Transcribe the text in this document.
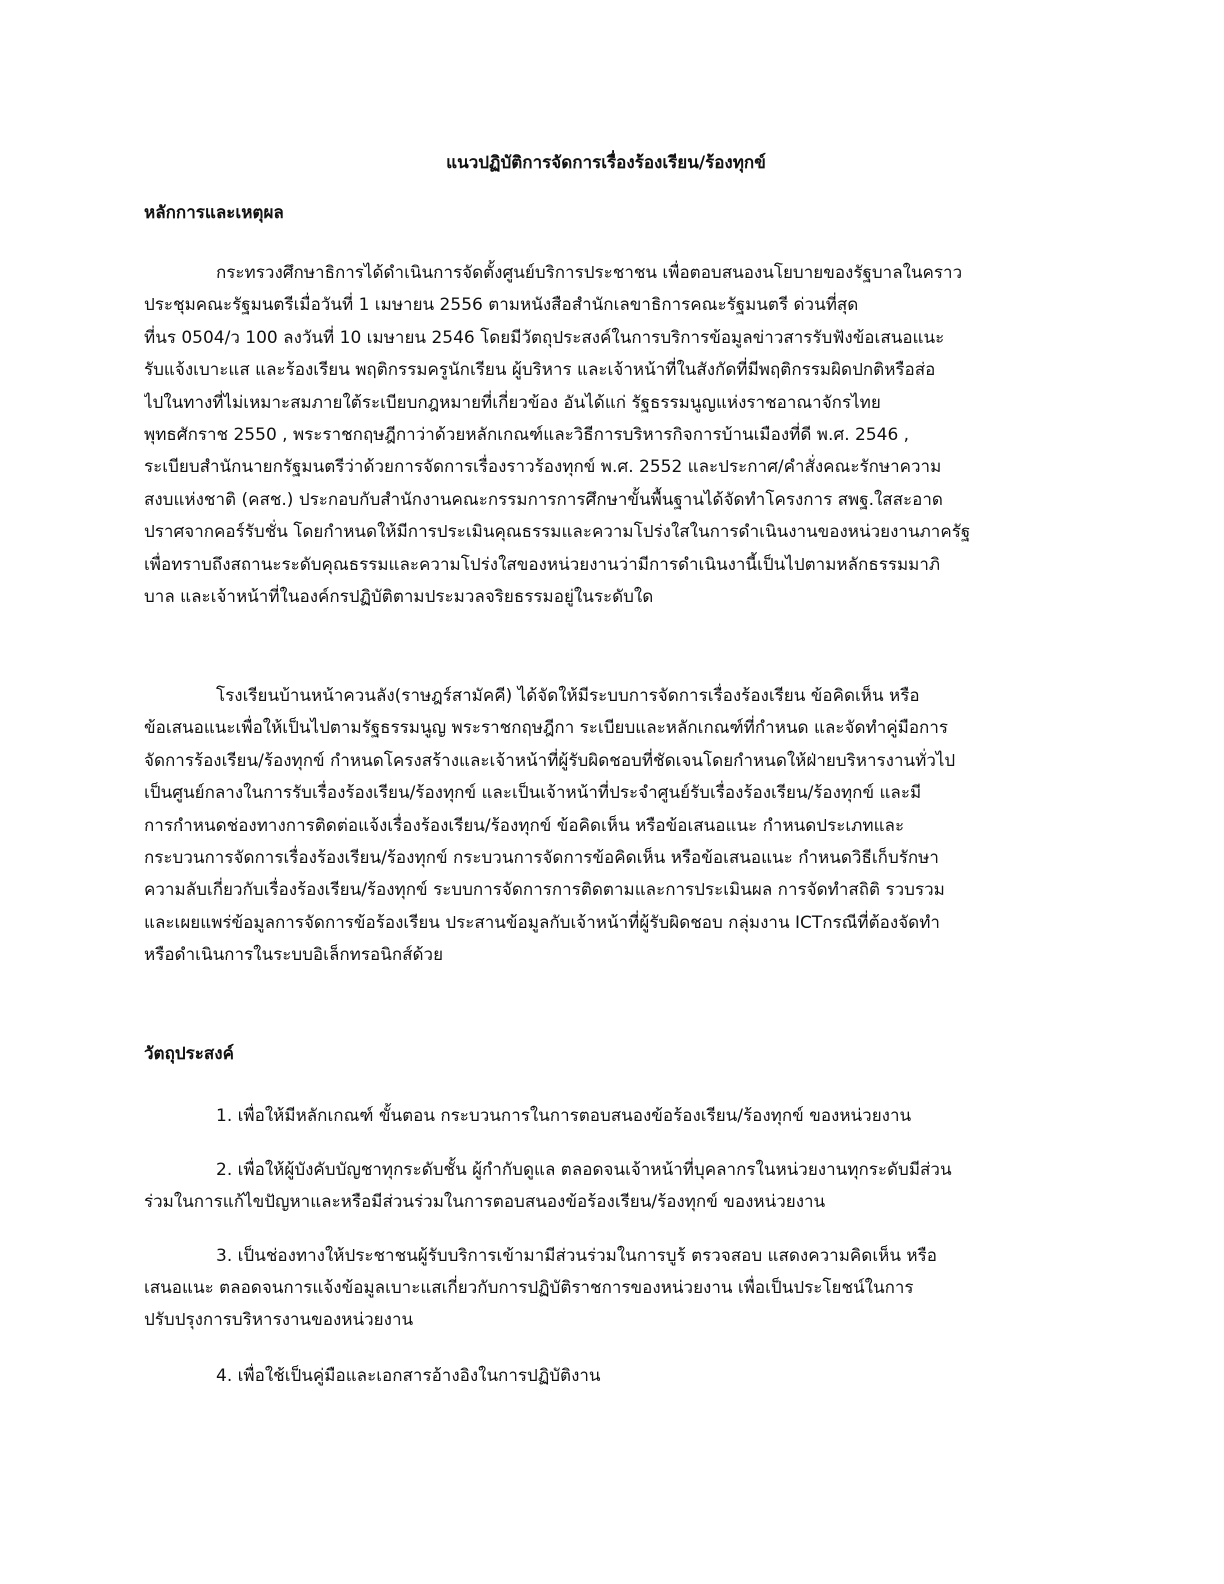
แนวปฏิบัติการจัดการเรื่องร้องเรียน/ร้องทุกข์
หลักการและเหตุผล
กระทรวงศึกษาธิการได้ดำเนินการจัดตั้งศูนย์บริการประชาชน เพื่อตอบสนองนโยบายของรัฐบาลในคราว
ประชุมคณะรัฐมนตรีเมื่อวันที่ 1 เมษายน 2556 ตามหนังสือสำนักเลขาธิการคณะรัฐมนตรี ด่วนที่สุด
ที่นร 0504/ว 100 ลงวันที่ 10 เมษายน 2546 โดยมีวัตถุประสงค์ในการบริการข้อมูลข่าวสารรับฟังข้อเสนอแนะ
รับแจ้งเบาะแส และร้องเรียน พฤติกรรมครูนักเรียน ผู้บริหาร และเจ้าหน้าที่ในสังกัดที่มีพฤติกรรมผิดปกติหรือส่อ
ไปในทางที่ไม่เหมาะสมภายใต้ระเบียบกฎหมายที่เกี่ยวข้อง อันได้แก่ รัฐธรรมนูญแห่งราชอาณาจักรไทย
พุทธศักราช 2550 , พระราชกฤษฎีกาว่าด้วยหลักเกณฑ์และวิธีการบริหารกิจการบ้านเมืองที่ดี พ.ศ. 2546 ,
ระเบียบสำนักนายกรัฐมนตรีว่าด้วยการจัดการเรื่องราวร้องทุกข์ พ.ศ. 2552 และประกาศ/คำสั่งคณะรักษาความ
สงบแห่งชาติ (คสช.) ประกอบกับสำนักงานคณะกรรมการการศึกษาขั้นพื้นฐานได้จัดทำโครงการ สพฐ.ใสสะอาด
ปราศจากคอร์รับชั่น โดยกำหนดให้มีการประเมินคุณธรรมและความโปร่งใสในการดำเนินงานของหน่วยงานภาครัฐ
เพื่อทราบถึงสถานะระดับคุณธรรมและความโปร่งใสของหน่วยงานว่ามีการดำเนินงานี้เป็นไปตามหลักธรรมมาภิ
บาล และเจ้าหน้าที่ในองค์กรปฏิบัติตามประมวลจริยธรรมอยู่ในระดับใด
โรงเรียนบ้านหน้าควนลัง(ราษฎร์สามัคคี) ได้จัดให้มีระบบการจัดการเรื่องร้องเรียน ข้อคิดเห็น หรือ
ข้อเสนอแนะเพื่อให้เป็นไปตามรัฐธรรมนูญ พระราชกฤษฎีกา ระเบียบและหลักเกณฑ์ที่กำหนด และจัดทำคู่มือการ
จัดการร้องเรียน/ร้องทุกข์ กำหนดโครงสร้างและเจ้าหน้าที่ผู้รับผิดชอบที่ชัดเจนโดยกำหนดให้ฝ่ายบริหารงานทั่วไป
เป็นศูนย์กลางในการรับเรื่องร้องเรียน/ร้องทุกข์ และเป็นเจ้าหน้าที่ประจำศูนย์รับเรื่องร้องเรียน/ร้องทุกข์ และมี
การกำหนดช่องทางการติดต่อแจ้งเรื่องร้องเรียน/ร้องทุกข์ ข้อคิดเห็น หรือข้อเสนอแนะ กำหนดประเภทและ
กระบวนการจัดการเรื่องร้องเรียน/ร้องทุกข์ กระบวนการจัดการข้อคิดเห็น หรือข้อเสนอแนะ กำหนดวิธีเก็บรักษา
ความลับเกี่ยวกับเรื่องร้องเรียน/ร้องทุกข์ ระบบการจัดการการติดตามและการประเมินผล การจัดทำสถิติ รวบรวม
และเผยแพร่ข้อมูลการจัดการข้อร้องเรียน ประสานข้อมูลกับเจ้าหน้าที่ผู้รับผิดชอบ กลุ่มงาน ICTกรณีที่ต้องจัดทำ
หรือดำเนินการในระบบอิเล็กทรอนิกส์ด้วย
วัตถุประสงค์
1. เพื่อให้มีหลักเกณฑ์ ขั้นตอน กระบวนการในการตอบสนองข้อร้องเรียน/ร้องทุกข์ ของหน่วยงาน
2. เพื่อให้ผู้บังคับบัญชาทุกระดับชั้น ผู้กำกับดูแล ตลอดจนเจ้าหน้าที่บุคลากรในหน่วยงานทุกระดับมีส่วน
ร่วมในการแก้ไขปัญหาและหรือมีส่วนร่วมในการตอบสนองข้อร้องเรียน/ร้องทุกข์ ของหน่วยงาน
3. เป็นช่องทางให้ประชาชนผู้รับบริการเข้ามามีส่วนร่วมในการบูร้ ตรวจสอบ แสดงความคิดเห็น หรือ
เสนอแนะ ตลอดจนการแจ้งข้อมูลเบาะแสเกี่ยวกับการปฏิบัติราชการของหน่วยงาน เพื่อเป็นประโยชน์ในการ
ปรับปรุงการบริหารงานของหน่วยงาน
4. เพื่อใช้เป็นคู่มือและเอกสารอ้างอิงในการปฏิบัติงาน
